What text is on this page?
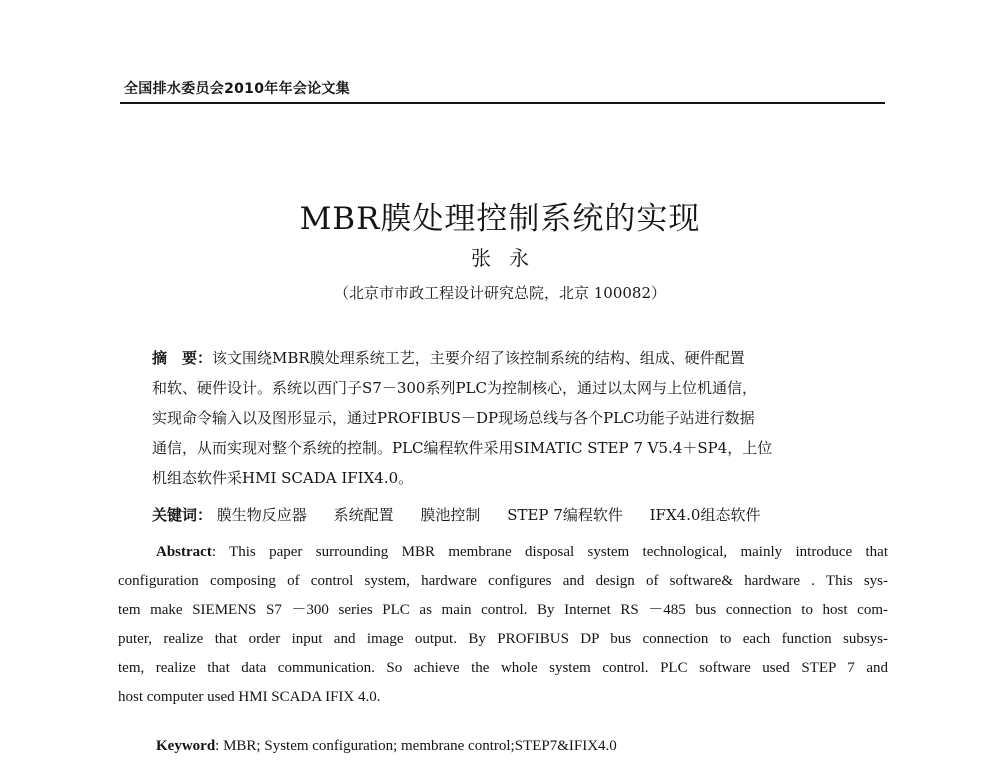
全国排水委员会2010年年会论文集
MBR膜处理控制系统的实现
张永
（北京市市政工程设计研究总院，北京 100082）
摘　要：该文围绕MBR膜处理系统工艺，主要介绍了该控制系统的结构、组成、硬件配置
和软、硬件设计。系统以西门子S7－300系列PLC为控制核心，通过以太网与上位机通信，
实现命令输入以及图形显示，通过PROFIBUS－DP现场总线与各个PLC功能子站进行数据
通信，从而实现对整个系统的控制。PLC编程软件采用SIMATIC STEP 7 V5.4＋SP4，上位
机组态软件采HMI SCADA IFIX4.0。
关键词： 膜生物反应器 系统配置 膜池控制 STEP 7编程软件 IFX4.0组态软件
Abstract: This paper surrounding MBR membrane disposal system technological, mainly introduce that
configuration composing of control system, hardware configures and design of software& hardware . This sys-
tem make SIEMENS S7 －300 series PLC as main control. By Internet RS －485 bus connection to host com-
puter, realize that order input and image output. By PROFIBUS DP bus connection to each function subsys-
tem, realize that data communication. So achieve the whole system control. PLC software used STEP 7 and
host computer used HMI SCADA IFIX 4.0.
Keyword: MBR; System configuration; membrane control;STEP7&IFIX4.0
